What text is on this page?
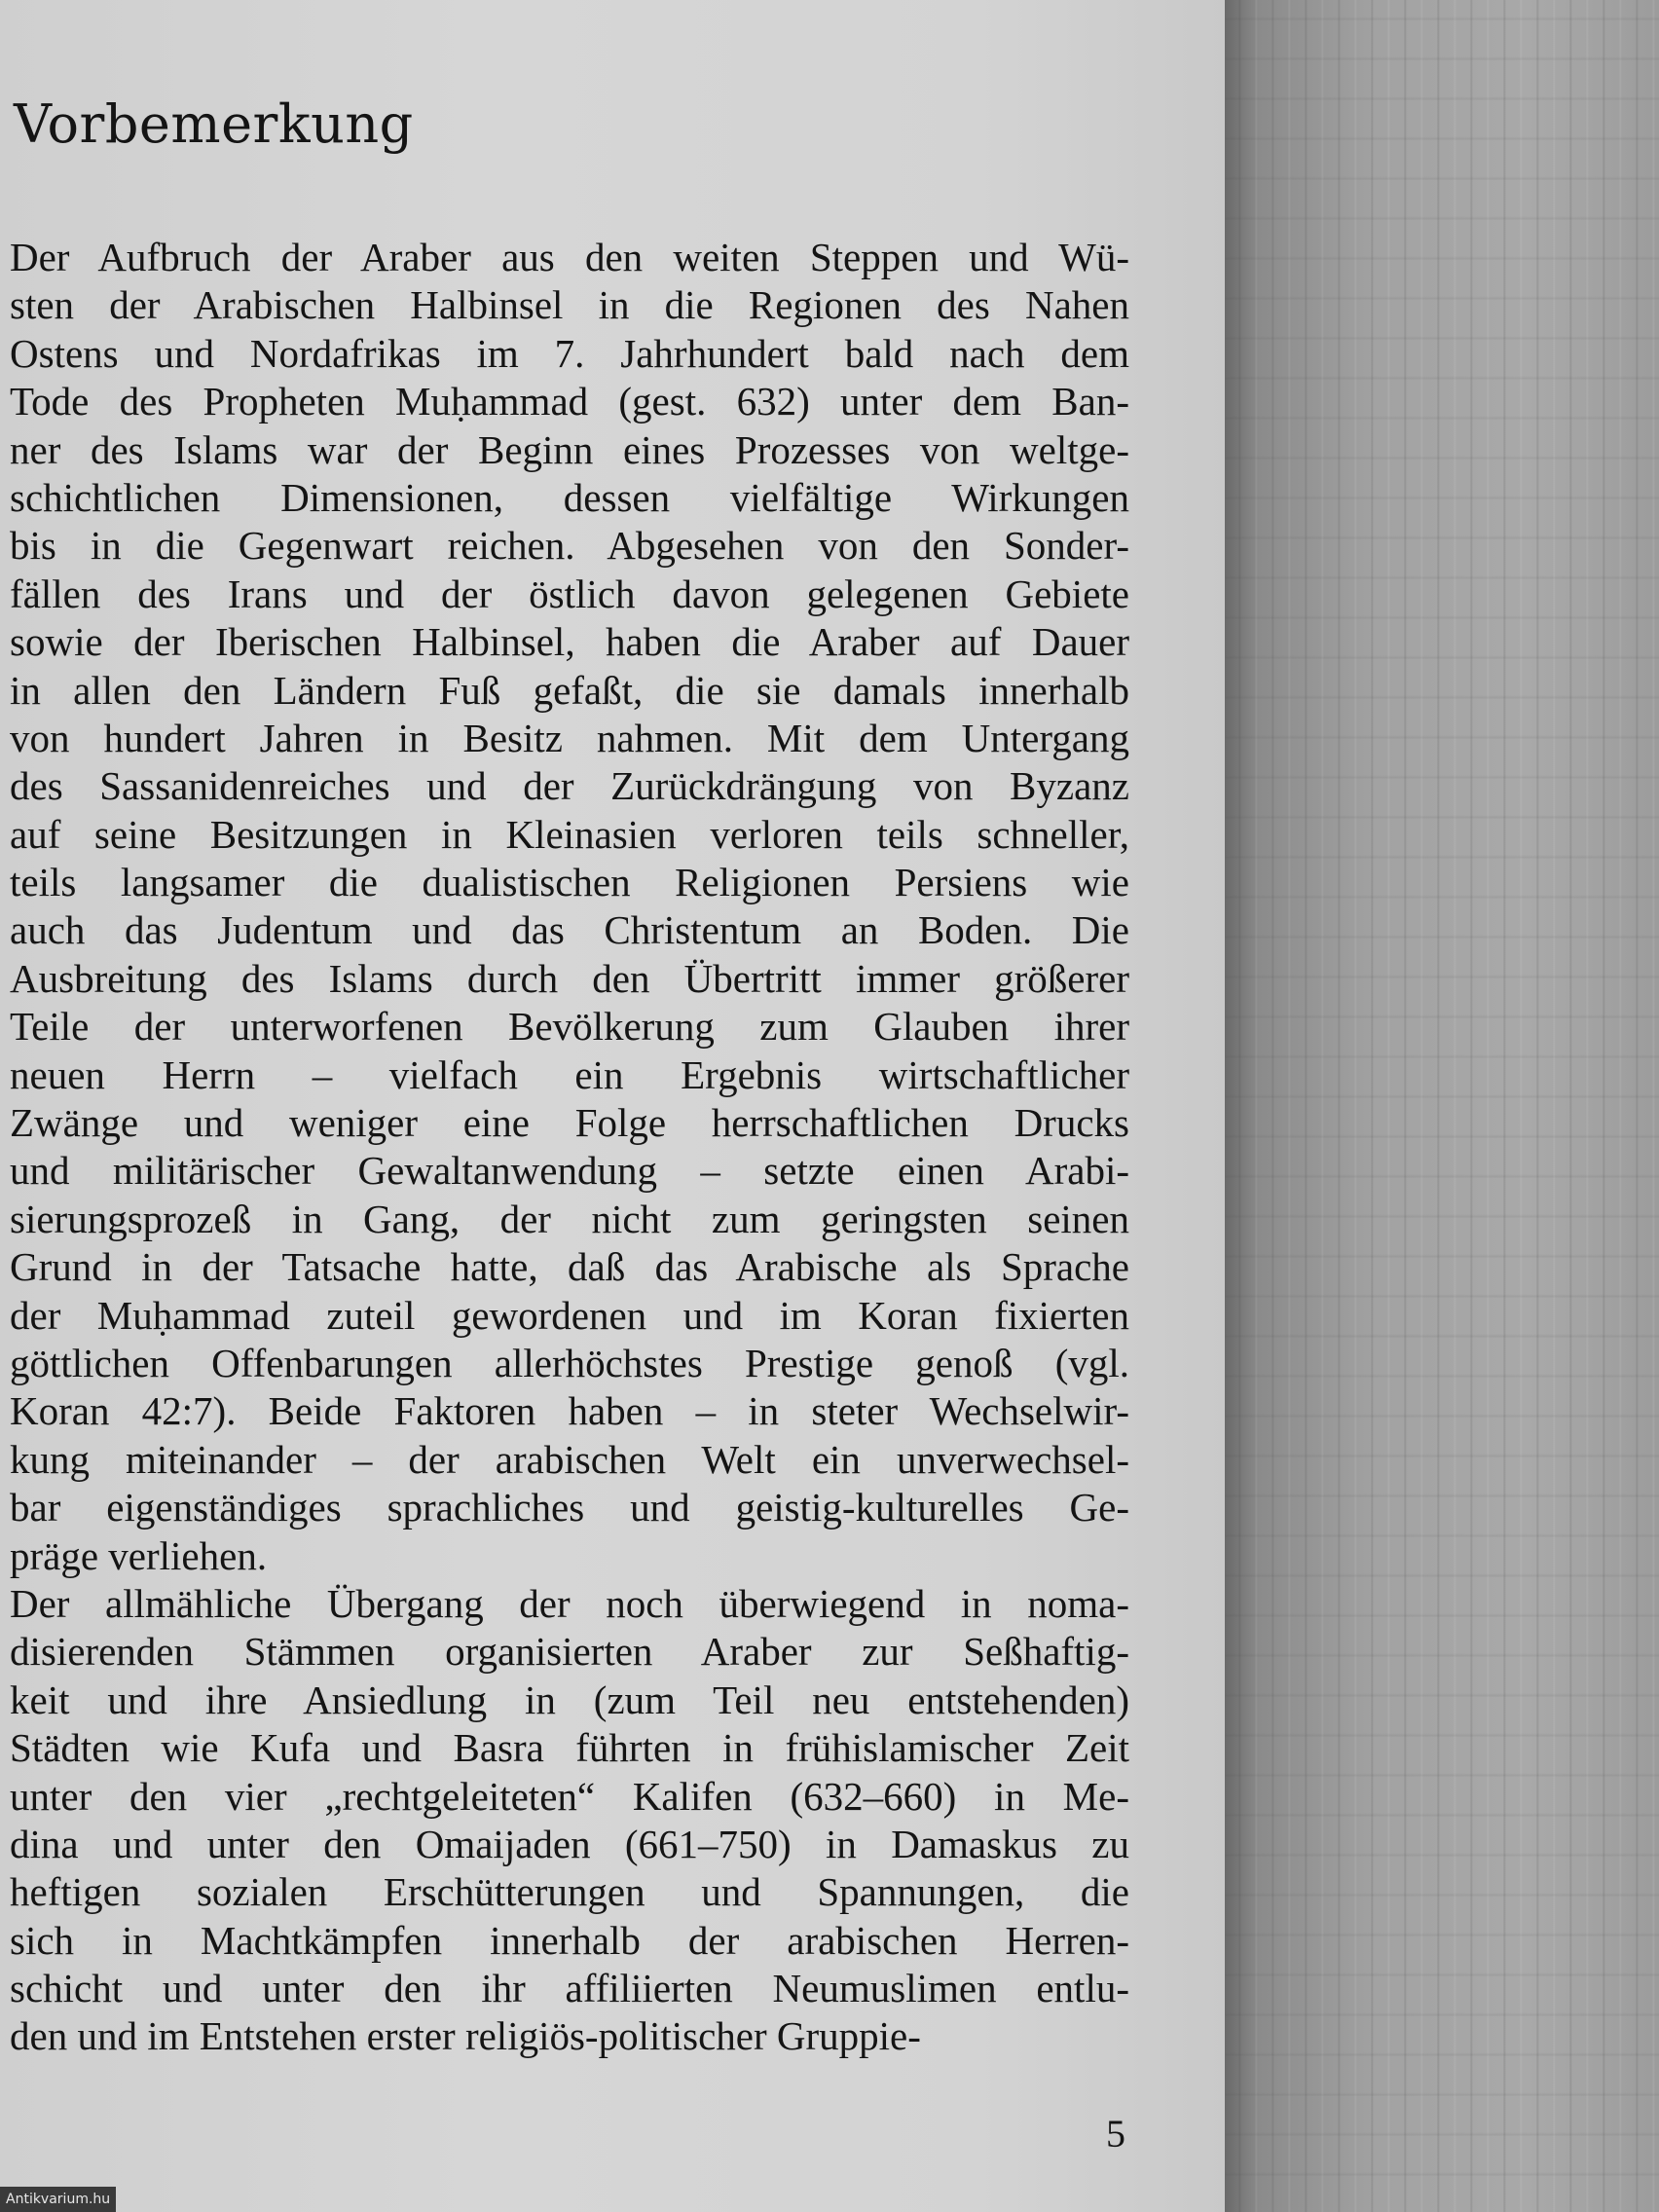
Vorbemerkung
Der Aufbruch der Araber aus den weiten Steppen und Wü-
sten der Arabischen Halbinsel in die Regionen des Nahen
Ostens und Nordafrikas im 7. Jahrhundert bald nach dem
Tode des Propheten Muḥammad (gest. 632) unter dem Ban-
ner des Islams war der Beginn eines Prozesses von weltge-
schichtlichen Dimensionen, dessen vielfältige Wirkungen
bis in die Gegenwart reichen. Abgesehen von den Sonder-
fällen des Irans und der östlich davon gelegenen Gebiete
sowie der Iberischen Halbinsel, haben die Araber auf Dauer
in allen den Ländern Fuß gefaßt, die sie damals innerhalb
von hundert Jahren in Besitz nahmen. Mit dem Untergang
des Sassanidenreiches und der Zurückdrängung von Byzanz
auf seine Besitzungen in Kleinasien verloren teils schneller,
teils langsamer die dualistischen Religionen Persiens wie
auch das Judentum und das Christentum an Boden. Die
Ausbreitung des Islams durch den Übertritt immer größerer
Teile der unterworfenen Bevölkerung zum Glauben ihrer
neuen Herrn – vielfach ein Ergebnis wirtschaftlicher
Zwänge und weniger eine Folge herrschaftlichen Drucks
und militärischer Gewaltanwendung – setzte einen Arabi-
sierungsprozeß in Gang, der nicht zum geringsten seinen
Grund in der Tatsache hatte, daß das Arabische als Sprache
der Muḥammad zuteil gewordenen und im Koran fixierten
göttlichen Offenbarungen allerhöchstes Prestige genoß (vgl.
Koran 42:7). Beide Faktoren haben – in steter Wechselwir-
kung miteinander – der arabischen Welt ein unverwechsel-
bar eigenständiges sprachliches und geistig-kulturelles Ge-
präge verliehen.
Der allmähliche Übergang der noch überwiegend in noma-
disierenden Stämmen organisierten Araber zur Seßhaftig-
keit und ihre Ansiedlung in (zum Teil neu entstehenden)
Städten wie Kufa und Basra führten in frühislamischer Zeit
unter den vier „rechtgeleiteten“ Kalifen (632–660) in Me-
dina und unter den Omaijaden (661–750) in Damaskus zu
heftigen sozialen Erschütterungen und Spannungen, die
sich in Machtkämpfen innerhalb der arabischen Herren-
schicht und unter den ihr affiliierten Neumuslimen entlu-
den und im Entstehen erster religiös-politischer Gruppie-
5
Antikvarium.hu
